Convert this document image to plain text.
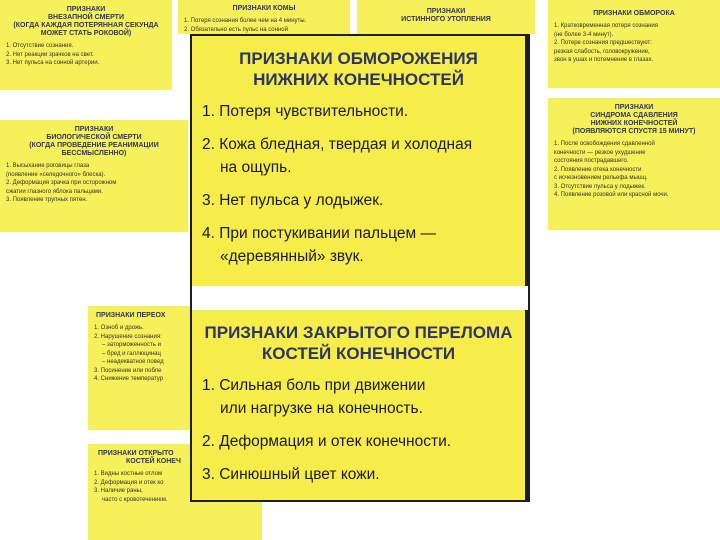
ПРИЗНАКИ
ВНЕЗАПНОЙ СМЕРТИ
(КОГДА КАЖДАЯ ПОТЕРЯННАЯ СЕКУНДА
МОЖЕТ СТАТЬ РОКОВОЙ)
1. Отсутствие сознания.
2. Нет реакции зрачков на свет.
3. Нет пульса на сонной артерии.
ПРИЗНАКИ КОМЫ
1. Потеря сознания более чем на 4 минуты.
2. Обязательно есть пульс на сонной
ПРИЗНАКИ
ИСТИННОГО УТОПЛЕНИЯ
ПРИЗНАКИ ОБМОРОКА
1. Кратковременная потеря сознания
(не более 3-4 минут).
2. Потере сознания предшествуют:
резкая слабость, головокружение,
звон в ушах и потемнение в глазах.
ПРИЗНАКИ
СИНДРОМА СДАВЛЕНИЯ
НИЖНИХ КОНЕЧНОСТЕЙ
(ПОЯВЛЯЮТСЯ СПУСТЯ 15 МИНУТ)
1. После освобождения сдавленной
конечности — резкое ухудшение
состояния пострадавшего.
2. Появление отека конечности
с исчезновением рельефа мышц.
3. Отсутствие пульса у лодыжек.
4. Появление розовой или красной мочи.
ПРИЗНАКИ
БИОЛОГИЧЕСКОЙ СМЕРТИ
(КОГДА ПРОВЕДЕНИЕ РЕАНИМАЦИИ
БЕССМЫСЛЕННО)
1. Высыхание роговицы глаза
(появление «селедочного» блеска).
2. Деформация зрачка при осторожном
сжатии глазного яблока пальцами.
3. Появление трупных пятен.
ПРИЗНАКИ ПЕРЕОХ
1. Озноб и дрожь.
2. Нарушение сознания:
– заторможенность и
– бред и галлюцинац
– неадекватное повед
3. Посинение или побле
4. Снижение температур
ПРИЗНАКИ ОТКРЫТО
КОСТЕЙ КОНЕЧ
1. Видны костные отлом
2. Деформация и отек ко
3. Наличие раны,
часто с кровотечением.
ПРИЗНАКИ ОБМОРОЖЕНИЯ
НИЖНИХ КОНЕЧНОСТЕЙ
1. Потеря чувствительности.
2. Кожа бледная, твердая и холодная
на ощупь.
3. Нет пульса у лодыжек.
4. При постукивании пальцем —
«деревянный» звук.
ПРИЗНАКИ ЗАКРЫТОГО ПЕРЕЛОМА
КОСТЕЙ КОНЕЧНОСТИ
1. Сильная боль при движении
или нагрузке на конечность.
2. Деформация и отек конечности.
3. Синюшный цвет кожи.
